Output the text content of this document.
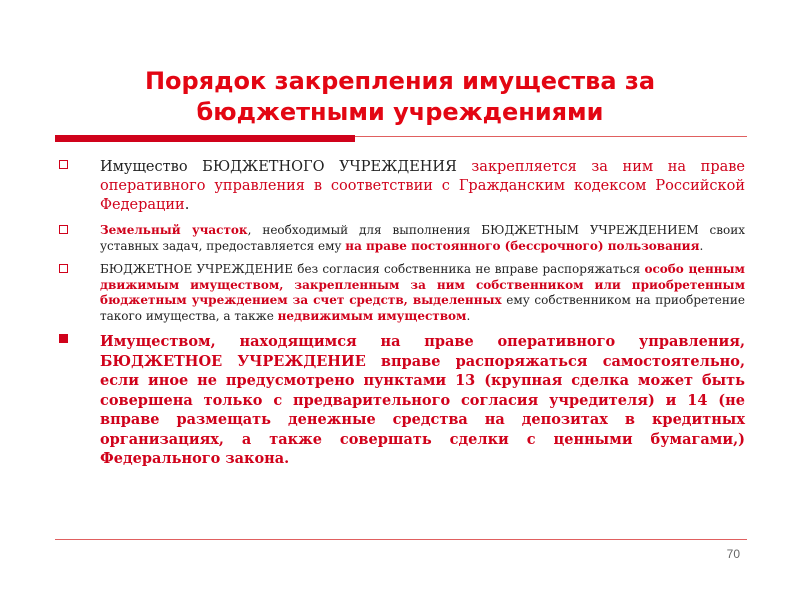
Порядок закрепления имущества за бюджетными учреждениями
Имущество БЮДЖЕТНОГО УЧРЕЖДЕНИЯ закрепляется за ним на праве оперативного управления в соответствии с Гражданским кодексом Российской Федерации.
Земельный участок, необходимый для выполнения БЮДЖЕТНЫМ УЧРЕЖДЕНИЕМ своих уставных задач, предоставляется ему на праве постоянного (бессрочного) пользования.
БЮДЖЕТНОЕ УЧРЕЖДЕНИЕ без согласия собственника не вправе распоряжаться особо ценным движимым имуществом, закрепленным за ним собственником или приобретенным бюджетным учреждением за счет средств, выделенных ему собственником на приобретение такого имущества, а также недвижимым имуществом.
Имуществом, находящимся на праве оперативного управления, БЮДЖЕТНОЕ УЧРЕЖДЕНИЕ вправе распоряжаться самостоятельно, если иное не предусмотрено пунктами 13 (крупная сделка может быть совершена только с предварительного согласия учредителя) и 14 (не вправе размещать денежные средства на депозитах в кредитных организациях, а также совершать сделки с ценными бумагами,) Федерального закона.
70
